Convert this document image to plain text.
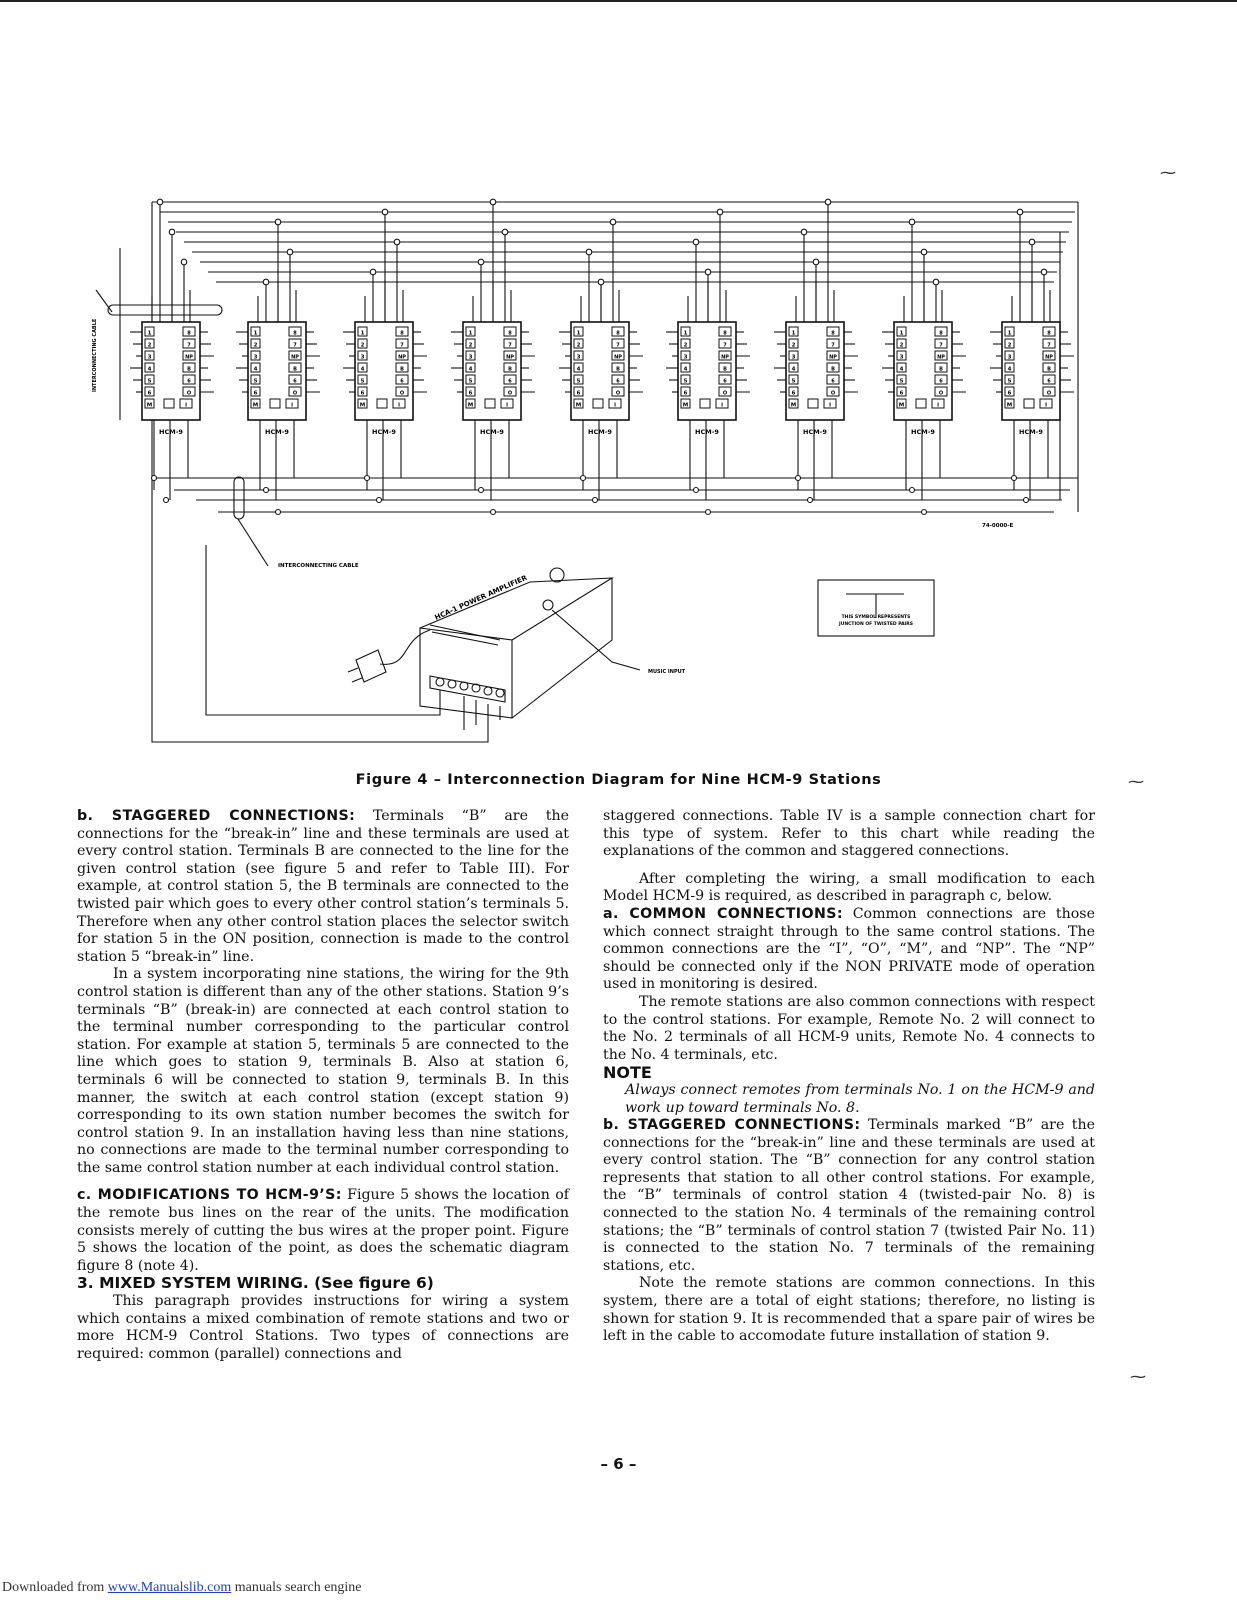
1
2
3
4
5
6
M
8
7
NP
B
6
O
I
HCM-9
1
2
3
4
5
6
M
8
7
NP
B
6
O
I
HCM-9
1
2
3
4
5
6
M
8
7
NP
B
6
O
I
HCM-9
1
2
3
4
5
6
M
8
7
NP
B
6
O
I
HCM-9
1
2
3
4
5
6
M
8
7
NP
B
6
O
I
HCM-9
1
2
3
4
5
6
M
8
7
NP
B
6
O
I
HCM-9
1
2
3
4
5
6
M
8
7
NP
B
6
O
I
HCM-9
1
2
3
4
5
6
M
8
7
NP
B
6
O
I
HCM-9
1
2
3
4
5
6
M
8
7
NP
B
6
O
I
HCM-9
INTERCONNECTING CABLE
INTERCONNECTING CABLE
74-0000-E
HCA-1 POWER AMPLIFIER
MUSIC INPUT
THIS SYMBOL REPRESENTS
JUNCTION OF TWISTED PAIRS
Figure 4 – Interconnection Diagram for Nine HCM-9 Stations

b. STAGGERED CONNECTIONS: Terminals “B” are the connections for the “break-in” line and these terminals are used at every control station. Terminals B are connected to the line for the given control station (see figure 5 and refer to Table III). For example, at control station 5, the B terminals are connected to the twisted pair which goes to every other control station’s terminals 5. Therefore when any other control station places the selector switch for station 5 in the ON position, connection is made to the control station 5 “break-in” line.

In a system incorporating nine stations, the wiring for the 9th control station is different than any of the other stations. Station 9’s terminals “B” (break-in) are connected at each control station to the terminal number corresponding to the particular control station. For example at station 5, terminals 5 are connected to the line which goes to station 9, terminals B. Also at station 6, terminals 6 will be connected to station 9, terminals B. In this manner, the switch at each control station (except station 9) corresponding to its own station number becomes the switch for control station 9. In an installation having less than nine stations, no connections are made to the terminal number corresponding to the same control station number at each individual control station.

c. MODIFICATIONS TO HCM-9’S: Figure 5 shows the location of the remote bus lines on the rear of the units. The modification consists merely of cutting the bus wires at the proper point. Figure 5 shows the location of the point, as does the schematic diagram figure 8 (note 4).

3. MIXED SYSTEM WIRING. (See figure 6)

This paragraph provides instructions for wiring a system which contains a mixed combination of remote stations and two or more HCM-9 Control Stations. Two types of connections are required: common (parallel) connections and

staggered connections. Table IV is a sample connection chart for this type of system. Refer to this chart while reading the explanations of the common and staggered connections.

After completing the wiring, a small modification to each Model HCM-9 is required, as described in paragraph c, below.

a. COMMON CONNECTIONS: Common connections are those which connect straight through to the same control stations. The common connections are the “I”, “O”, “M”, and “NP”. The “NP” should be connected only if the NON PRIVATE mode of operation used in monitoring is desired.

The remote stations are also common connections with respect to the control stations. For example, Remote No. 2 will connect to the No. 2 terminals of all HCM-9 units, Remote No. 4 connects to the No. 4 terminals, etc.

NOTE

Always connect remotes from terminals No. 1 on the HCM-9 and work up toward terminals No. 8.

b. STAGGERED CONNECTIONS: Terminals marked “B” are the connections for the “break-in” line and these terminals are used at every control station. The “B” connection for any control station represents that station to all other control stations. For example, the “B” terminals of control station 4 (twisted-pair No. 8) is connected to the station No. 4 terminals of the remaining control stations; the “B” terminals of control station 7 (twisted Pair No. 11) is connected to the station No. 7 terminals of the remaining stations, etc.

Note the remote stations are common connections. In this system, there are a total of eight stations; therefore, no listing is shown for station 9. It is recommended that a spare pair of wires be left in the cable to accomodate future installation of station 9.

– 6 –
⁓
⁓
⁓
Downloaded from www.Manualslib.com manuals search engine
